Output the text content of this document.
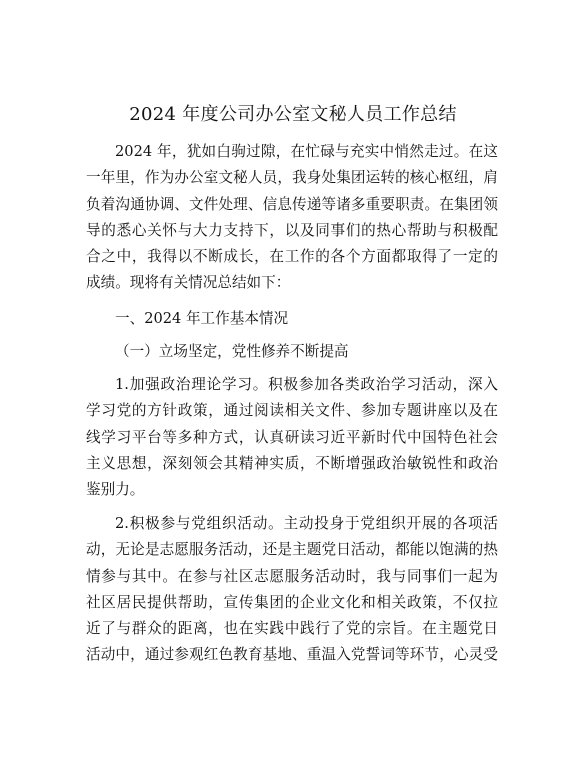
2024 年度公司办公室文秘人员工作总结
2024 年，犹如白驹过隙，在忙碌与充实中悄然走过。在这
一年里，作为办公室文秘人员，我身处集团运转的核心枢纽，肩
负着沟通协调、文件处理、信息传递等诸多重要职责。在集团领
导的悉心关怀与大力支持下，以及同事们的热心帮助与积极配
合之中，我得以不断成长，在工作的各个方面都取得了一定的
成绩。现将有关情况总结如下：
一、2024 年工作基本情况
（一）立场坚定，党性修养不断提高
1.加强政治理论学习。积极参加各类政治学习活动，深入
学习党的方针政策，通过阅读相关文件、参加专题讲座以及在
线学习平台等多种方式，认真研读习近平新时代中国特色社会
主义思想，深刻领会其精神实质，不断增强政治敏锐性和政治
鉴别力。
2.积极参与党组织活动。主动投身于党组织开展的各项活
动，无论是志愿服务活动，还是主题党日活动，都能以饱满的热
情参与其中。在参与社区志愿服务活动时，我与同事们一起为
社区居民提供帮助，宣传集团的企业文化和相关政策，不仅拉
近了与群众的距离，也在实践中践行了党的宗旨。在主题党日
活动中，通过参观红色教育基地、重温入党誓词等环节，心灵受
